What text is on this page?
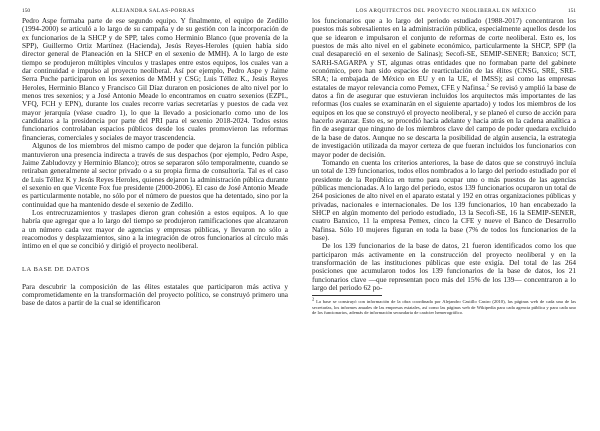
150	ALEJANDRA SALAS-PORRAS

Pedro Aspe formaba parte de ese segundo equipo. Y finalmente, el equipo de Zedillo (1994-2000) se articuló a lo largo de su campaña y de su gestión con la incorporación de ex funcionarios de la SHCP y de SPP, tales como Herminio Blanco (que provenía de la SPP), Guillermo Ortiz Martínez (Hacienda), Jesús Reyes-Heroles (quien había sido director general de Planeación en la SHCP en el sexenio de MMH). A lo largo de este tiempo se produjeron múltiples vínculos y traslapes entre estos equipos, los cuales van a dar continuidad e impulso al proyecto neoliberal. Así por ejemplo, Pedro Aspe y Jaime Serra Puche participaron en los sexenios de MMH y CSG; Luis Téllez K., Jesús Reyes Heroles, Herminio Blanco y Francisco Gil Díaz duraron en posiciones de alto nivel por lo menos tres sexenios; y a José Antonio Meade lo encontramos en cuatro sexenios (EZPL, VFQ, FCH y EPN), durante los cuales recorre varias secretarías y puestos de cada vez mayor jerarquía (véase cuadro 1), lo que la llevado a posicionarlo como uno de los candidatos a la presidencia por parte del PRI para el sexenio 2018-2024. Todos estos funcionarios controlaban espacios públicos desde los cuales promovieron las reformas financieras, comerciales y sociales de mayor trascendencia.

Algunos de los miembros del mismo campo de poder que dejaron la función pública mantuvieron una presencia indirecta a través de sus despachos (por ejemplo, Pedro Aspe, Jaime Zabludovzy y Herminio Blanco); otros se separaron sólo temporalmente, cuando se retiraban generalmente al sector privado o a su propia firma de consultoría. Tal es el caso de Luis Téllez K y Jesús Reyes Heroles, quienes dejaron la administración pública durante el sexenio en que Vicente Fox fue presidente (2000-2006). El caso de José Antonio Meade es particularmente notable, no sólo por el número de puestos que ha detentado, sino por la continuidad que ha mantenido desde el sexenio de Zedillo.

Los entrecruzamientos y traslapes dieron gran cohesión a estos equipos. A lo que habría que agregar que a lo largo del tiempo se produjeron ramificaciones que alcanzaron a un número cada vez mayor de agencias y empresas públicas, y llevaron no sólo a reacomodos y desplazamientos, sino a la integración de otros funcionarios al círculo más íntimo en el que se concibió y dirigió el proyecto neoliberal.

LA BASE DE DATOS

Para descubrir la composición de las élites estatales que participaron más activa y comprometidamente en la transformación del proyecto político, se construyó primero una base de datos a partir de la cual se identificaron

LOS ARQUITECTOS DEL PROYECTO NEOLIBERAL EN MÉXICO	151

los funcionarios que a lo largo del periodo estudiado (1988-2017) concentraron los puestos más sobresalientes en la administración pública, especialmente aquellos desde los que se idearon e impulsaron el conjunto de reformas de corte neoliberal. Esto es, los puestos de más alto nivel en el gabinete económico, particularmente la SHCP, SPP (la cual desapareció en el sexenio de Salinas); Secofi-SE, SEMIP-SENER; Banxico; SCT, SARH-SAGARPA y ST, algunas otras entidades que no formaban parte del gabinete económico, pero han sido espacios de rearticulación de las élites (CNSG, SRE, SRE-SRA; la embajada de México en EU y en la UE, el IMSS); así como las empresas estatales de mayor relevancia como Pemex, CFE y Nafinsa.$^2$ Se revisó y amplió la base de datos a fin de asegurar que estuvieran incluidos los arquitectos más importantes de las reformas (los cuales se examinarán en el siguiente apartado) y todos los miembros de los equipos en los que se construyó el proyecto neoliberal, y se planeó el curso de acción para hacerlo avanzar. Esto es, se procedió hacia adelante y hacia atrás en la cadena analítica a fin de asegurar que ninguno de los miembros clave del campo de poder quedara excluido de la base de datos. Aunque no se descarta la posibilidad de algún ausencia, la estrategia de investigación utilizada da mayor certeza de que fueran incluidos los funcionarios con mayor poder de decisión.

Tomando en cuenta los criterios anteriores, la base de datos que se construyó incluía un total de 139 funcionarios, todos ellos nombrados a lo largo del periodo estudiado por el presidente de la República en turno para ocupar uno o más puestos de las agencias públicas mencionadas. A lo largo del periodo, estos 139 funcionarios ocuparon un total de 264 posiciones de alto nivel en el aparato estatal y 192 en otras organizaciones públicas y privadas, nacionales e internacionales. De los 139 funcionarios, 10 han encabezado la SHCP en algún momento del periodo estudiado, 13 la Secofi-SE, 16 la SEMIP-SENER, cuatro Banxico, 11 la empresa Pemex, cinco la CFE y nueve el Banco de Desarrollo Nafinsa. Sólo 10 mujeres figuran en toda la base (7% de todos los funcionarios de la base).

De los 139 funcionarios de la base de datos, 21 fueron identificados como los que participaron más activamente en la construcción del proyecto neoliberal y en la transformación de las instituciones públicas que este exigía. Del total de las 264 posiciones que acumularon todos los 139 funcionarios de la base de datos, los 21 funcionarios clave —que representan poco más del 15% de los 139— concentraron a lo largo del periodo 62 po-

2 La base se construyó con información de la obra coordinada por Alejandro Castillo Castro (2010), las páginas web de cada una de las secretarías, los informes anuales de las empresas estatales, así como las páginas web de Wikipedia para cada agencia pública y para cada uno de los funcionarios, además de información secundaria de carácter hemerográfico.
